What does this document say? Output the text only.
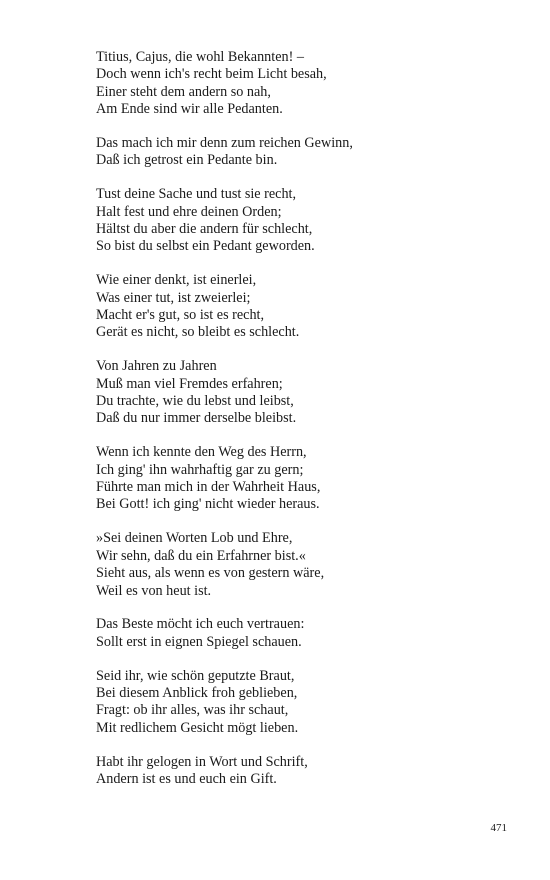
Titius, Cajus, die wohl Bekannten! –
Doch wenn ich's recht beim Licht besah,
Einer steht dem andern so nah,
Am Ende sind wir alle Pedanten.
Das mach ich mir denn zum reichen Gewinn,
Daß ich getrost ein Pedante bin.
Tust deine Sache und tust sie recht,
Halt fest und ehre deinen Orden;
Hältst du aber die andern für schlecht,
So bist du selbst ein Pedant geworden.
Wie einer denkt, ist einerlei,
Was einer tut, ist zweierlei;
Macht er's gut, so ist es recht,
Gerät es nicht, so bleibt es schlecht.
Von Jahren zu Jahren
Muß man viel Fremdes erfahren;
Du trachte, wie du lebst und leibst,
Daß du nur immer derselbe bleibst.
Wenn ich kennte den Weg des Herrn,
Ich ging' ihn wahrhaftig gar zu gern;
Führte man mich in der Wahrheit Haus,
Bei Gott! ich ging' nicht wieder heraus.
»Sei deinen Worten Lob und Ehre,
Wir sehn, daß du ein Erfahrner bist.«
Sieht aus, als wenn es von gestern wäre,
Weil es von heut ist.
Das Beste möcht ich euch vertrauen:
Sollt erst in eignen Spiegel schauen.
Seid ihr, wie schön geputzte Braut,
Bei diesem Anblick froh geblieben,
Fragt: ob ihr alles, was ihr schaut,
Mit redlichem Gesicht mögt lieben.
Habt ihr gelogen in Wort und Schrift,
Andern ist es und euch ein Gift.
471
